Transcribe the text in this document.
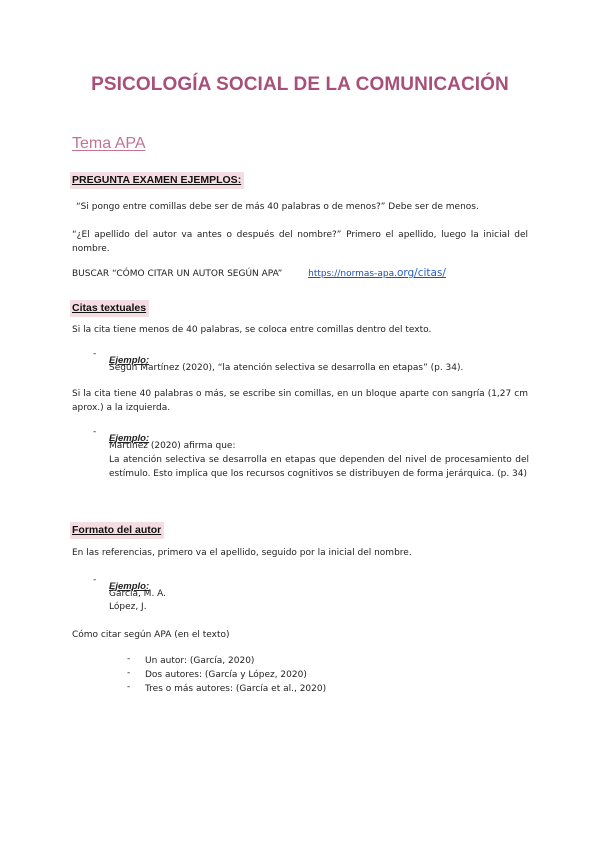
PSICOLOGÍA SOCIAL DE LA COMUNICACIÓN
Tema APA
PREGUNTA EXAMEN EJEMPLOS:
“Si pongo entre comillas debe ser de más 40 palabras o de menos?” Debe ser de menos.
“¿El apellido del autor va antes o después del nombre?” Primero el apellido, luego la inicial del nombre.
BUSCAR “CÓMO CITAR UN AUTOR SEGÚN APA”	https://normas-apa.org/citas/
Citas textuales
Si la cita tiene menos de 40 palabras, se coloca entre comillas dentro del texto.
-
Ejemplo:
Según Martínez (2020), “la atención selectiva se desarrolla en etapas” (p. 34).
Si la cita tiene 40 palabras o más, se escribe sin comillas, en un bloque aparte con sangría (1,27 cm aprox.) a la izquierda.
-
Ejemplo:
Martínez (2020) afirma que:
La atención selectiva se desarrolla en etapas que dependen del nivel de procesamiento del estímulo. Esto implica que los recursos cognitivos se distribuyen de forma jerárquica. (p. 34)
Formato del autor
En las referencias, primero va el apellido, seguido por la inicial del nombre.
-
Ejemplo:
García, M. A.
López, J.
Cómo citar según APA (en el texto)
- Un autor: (García, 2020)
- Dos autores: (García y López, 2020)
- Tres o más autores: (García et al., 2020)
